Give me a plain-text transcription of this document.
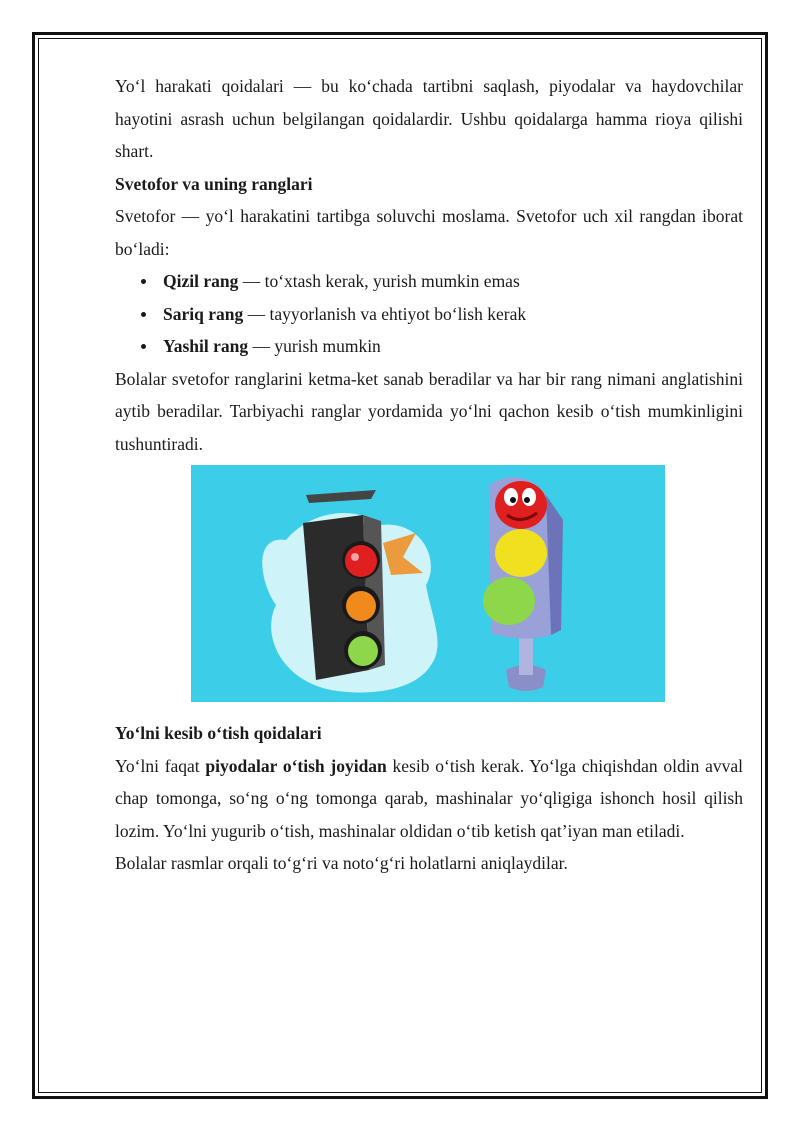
Yo‘l harakati qoidalari — bu ko‘chada tartibni saqlash, piyodalar va haydovchilar hayotini asrash uchun belgilangan qoidalardir. Ushbu qoidalarga hamma rioya qilishi shart.

Svetofor va uning ranglari

Svetofor — yo‘l harakatini tartibga soluvchi moslama. Svetofor uch xil rangdan iborat bo‘ladi:

Qizil rang — to‘xtash kerak, yurish mumkin emas
Sariq rang — tayyorlanish va ehtiyot bo‘lish kerak
Yashil rang — yurish mumkin

Bolalar svetofor ranglarini ketma-ket sanab beradilar va har bir rang nimani anglatishini aytib beradilar. Tarbiyachi ranglar yordamida yo‘lni qachon kesib o‘tish mumkinligini tushuntiradi.

Yo‘lni kesib o‘tish qoidalari

Yo‘lni faqat piyodalar o‘tish joyidan kesib o‘tish kerak. Yo‘lga chiqishdan oldin avval chap tomonga, so‘ng o‘ng tomonga qarab, mashinalar yo‘qligiga ishonch hosil qilish lozim. Yo‘lni yugurib o‘tish, mashinalar oldidan o‘tib ketish qat’iyan man etiladi.

Bolalar rasmlar orqali to‘g‘ri va noto‘g‘ri holatlarni aniqlaydilar.
